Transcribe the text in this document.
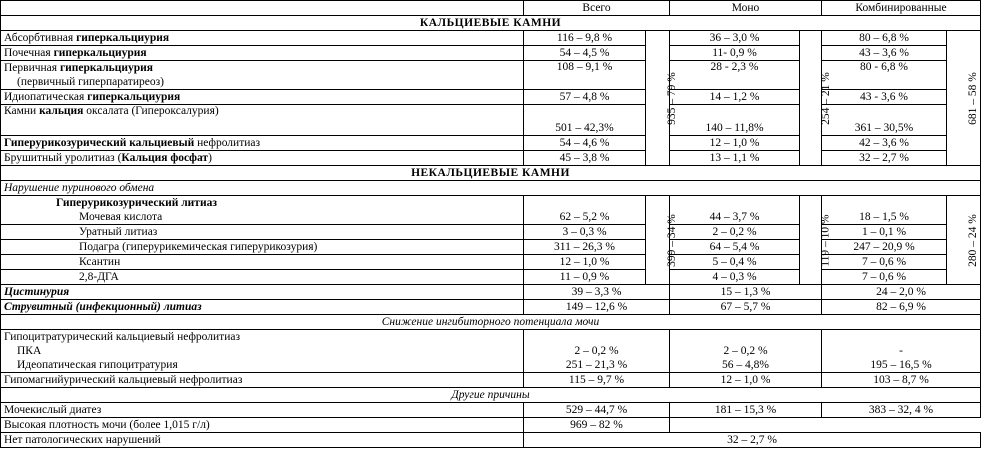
	Всего		Моно		Комбинированные	
КАЛЬЦИЕВЫЕ КАМНИ						
Абсорбтивная гиперкальциурия	116 – 9,8 %	935 – 79 %	36 – 3,0 %	254 – 21 %	80 – 6,8 %	681 – 58 %
Почечная гиперкальциурия	54 – 4,5 %		11- 0,9 %		43 – 3,6 %	
Первичная гиперкальциурия	108 – 9,1 %		28 - 2,3 %		80 - 6,8 %	
(первичный гиперпаратиреоз)						
Идиопатическая гиперкальциурия	57 – 4,8 %		14 – 1,2 %		43 - 3,6 %	
Камни кальция оксалата (Гипероксалурия)	501 – 42,3%		140 – 11,8%		361 – 30,5%	
Гиперурикозурический кальциевый нефролитиаз	54 – 4,6 %		12 – 1,0 %		42 – 3,6 %	
Брушитный уролитиаз (Кальция фосфат)	45 – 3,8 %		13 – 1,1 %		32 – 2,7 %	
НЕКАЛЬЦИЕВЫЕ КАМНИ						
Нарушение пуринового обмена						
Гиперурикозурический литиаз		399 – 34 %		119 – 10 %		280 – 24 %
Мочевая кислота	62 – 5,2 %		44 – 3,7 %		18 – 1,5 %	
Уратный литиаз	3 – 0,3 %		2 – 0,2 %		1 – 0,1 %	
Подагра (гиперурикемическая гиперурикозурия)	311 – 26,3 %		64 – 5,4 %		247 – 20,9 %	
Ксантин	12 – 1,0 %		5 – 0,4 %		7 – 0,6 %	
2,8-ДГА	11 – 0,9 %		4 – 0,3 %		7 – 0,6 %	
Цистинурия	39 – 3,3 %		15 – 1,3 %		24 – 2,0 %	
Струвитный (инфекционный) литиаз	149 – 12,6 %		67 – 5,7 %		82 – 6,9 %	
Снижение ингибиторного потенциала мочи						
Гипоцитратурический кальциевый нефролитиаз						
ПКА	2 – 0,2 %		2 – 0,2 %		-	
Идеопатическая гипоцитратурия	251 – 21,3 %		56 – 4,8%		195 – 16,5 %	
Гипомагнийурический кальциевый нефролитиаз	115 – 9,7 %		12 – 1,0 %		103 – 8,7 %	
Другие причины						
Мочекислый диатез	529 – 44,7 %		181 – 15,3 %		383 – 32, 4 %	
Высокая плотность мочи (более 1,015 г/л)	969 – 82 %					
Нет патологических нарушений	32 – 2,7 %					
